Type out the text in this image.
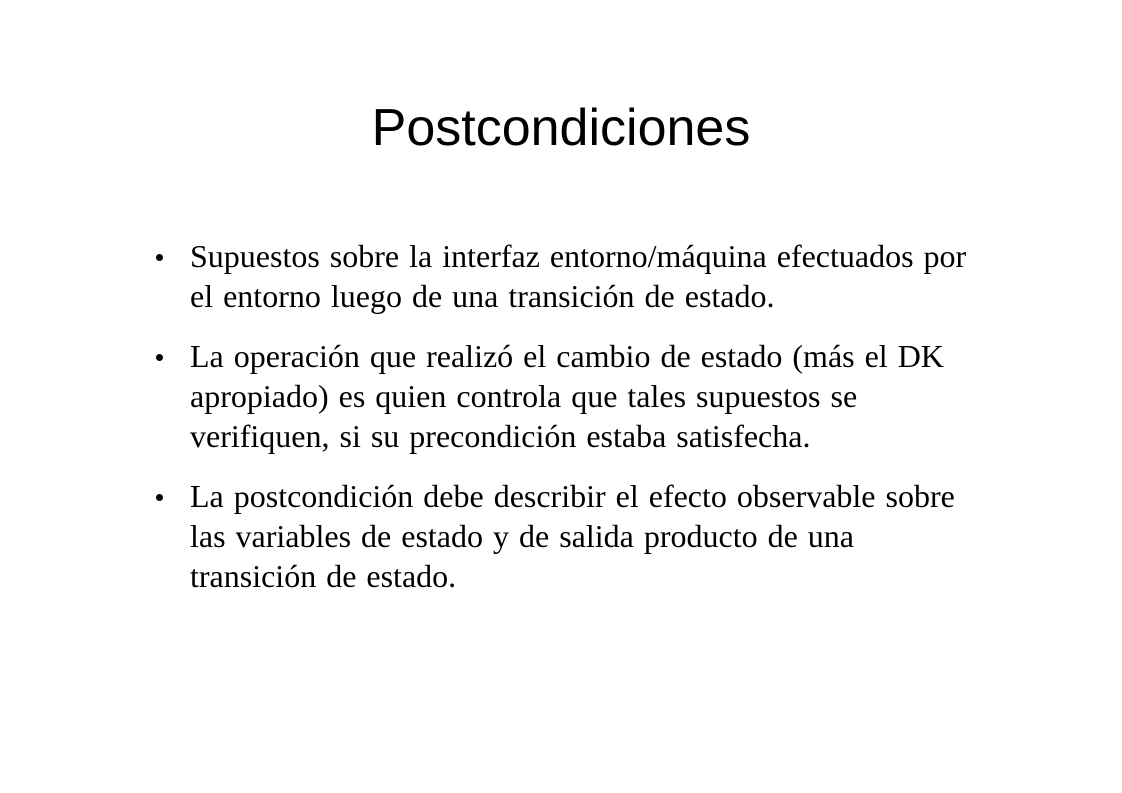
Postcondiciones
Supuestos sobre la interfaz entorno/máquina efectuados por el entorno luego de una transición de estado.
La operación que realizó el cambio de estado (más el DK apropiado) es quien controla que tales supuestos se verifiquen, si su precondición estaba satisfecha.
La postcondición debe describir el efecto observable sobre las variables de estado y de salida producto de una transición de estado.
